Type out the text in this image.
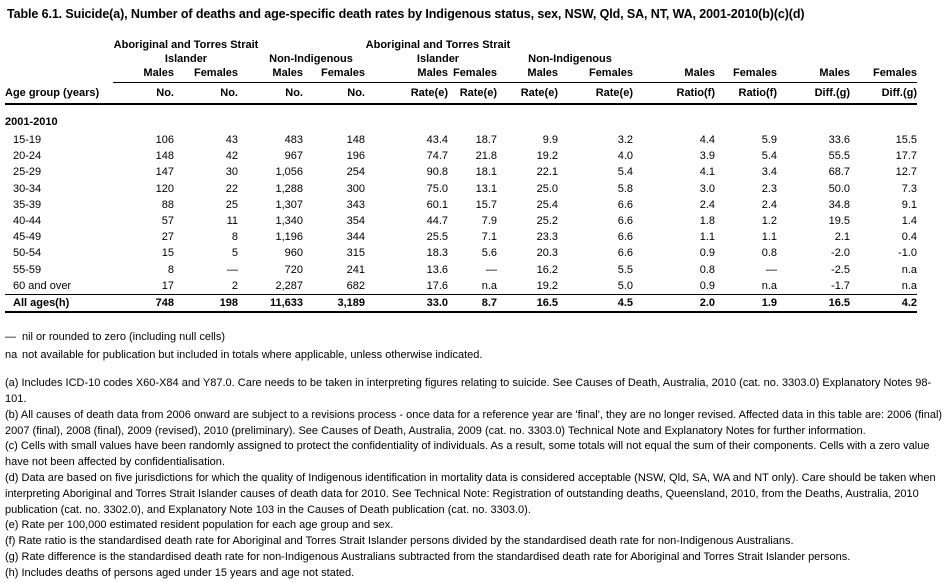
Table 6.1. Suicide(a), Number of deaths and age-specific death rates by Indigenous status, sex, NSW, Qld, SA, NT, WA, 2001-2010(b)(c)(d)

	Aboriginal and Torres Strait Islander		Non-Indigenous		Aboriginal and Torres Strait Islander		Non-Indigenous					
	Males	Females	Males	Females	Males	Females	Males	Females	Males	Females	Males	Females
Age group (years)	No.	No.	No.	No.	Rate(e)	Rate(e)	Rate(e)	Rate(e)	Ratio(f)	Ratio(f)	Diff.(g)	Diff.(g)
2001-2010												
15-19	106	43	483	148	43.4	18.7	9.9	3.2	4.4	5.9	33.6	15.5
20-24	148	42	967	196	74.7	21.8	19.2	4.0	3.9	5.4	55.5	17.7
25-29	147	30	1,056	254	90.8	18.1	22.1	5.4	4.1	3.4	68.7	12.7
30-34	120	22	1,288	300	75.0	13.1	25.0	5.8	3.0	2.3	50.0	7.3
35-39	88	25	1,307	343	60.1	15.7	25.4	6.6	2.4	2.4	34.8	9.1
40-44	57	11	1,340	354	44.7	7.9	25.2	6.6	1.8	1.2	19.5	1.4
45-49	27	8	1,196	344	25.5	7.1	23.3	6.6	1.1	1.1	2.1	0.4
50-54	15	5	960	315	18.3	5.6	20.3	6.6	0.9	0.8	-2.0	-1.0
55-59	8	—	720	241	13.6	—	16.2	5.5	0.8	—	-2.5	n.a
60 and over	17	2	2,287	682	17.6	n.a	19.2	5.0	0.9	n.a	-1.7	n.a
All ages(h)	748	198	11,633	3,189	33.0	8.7	16.5	4.5	2.0	1.9	16.5	4.2
— nil or rounded to zero (including null cells)
na not available for publication but included in totals where applicable, unless otherwise indicated.

(a) Includes ICD-10 codes X60-X84 and Y87.0. Care needs to be taken in interpreting figures relating to suicide. See Causes of Death, Australia, 2010 (cat. no. 3303.0) Explanatory Notes 98-101.

(b) All causes of death data from 2006 onward are subject to a revisions process - once data for a reference year are 'final', they are no longer revised. Affected data in this table are: 2006 (final) 2007 (final), 2008 (final), 2009 (revised), 2010 (preliminary). See Causes of Death, Australia, 2009 (cat. no. 3303.0) Technical Note and Explanatory Notes for further information.

(c) Cells with small values have been randomly assigned to protect the confidentiality of individuals. As a result, some totals will not equal the sum of their components. Cells with a zero value have not been affected by confidentialisation.

(d) Data are based on five jurisdictions for which the quality of Indigenous identification in mortality data is considered acceptable (NSW, Qld, SA, WA and NT only). Care should be taken when interpreting Aboriginal and Torres Strait Islander causes of death data for 2010. See Technical Note: Registration of outstanding deaths, Queensland, 2010, from the Deaths, Australia, 2010 publication (cat. no. 3302.0), and Explanatory Note 103 in the Causes of Death publication (cat. no. 3303.0).

(e) Rate per 100,000 estimated resident population for each age group and sex.

(f) Rate ratio is the standardised death rate for Aboriginal and Torres Strait Islander persons divided by the standardised death rate for non-Indigenous Australians.

(g) Rate difference is the standardised death rate for non-Indigenous Australians subtracted from the standardised death rate for Aboriginal and Torres Strait Islander persons.

(h) Includes deaths of persons aged under 15 years and age not stated.
